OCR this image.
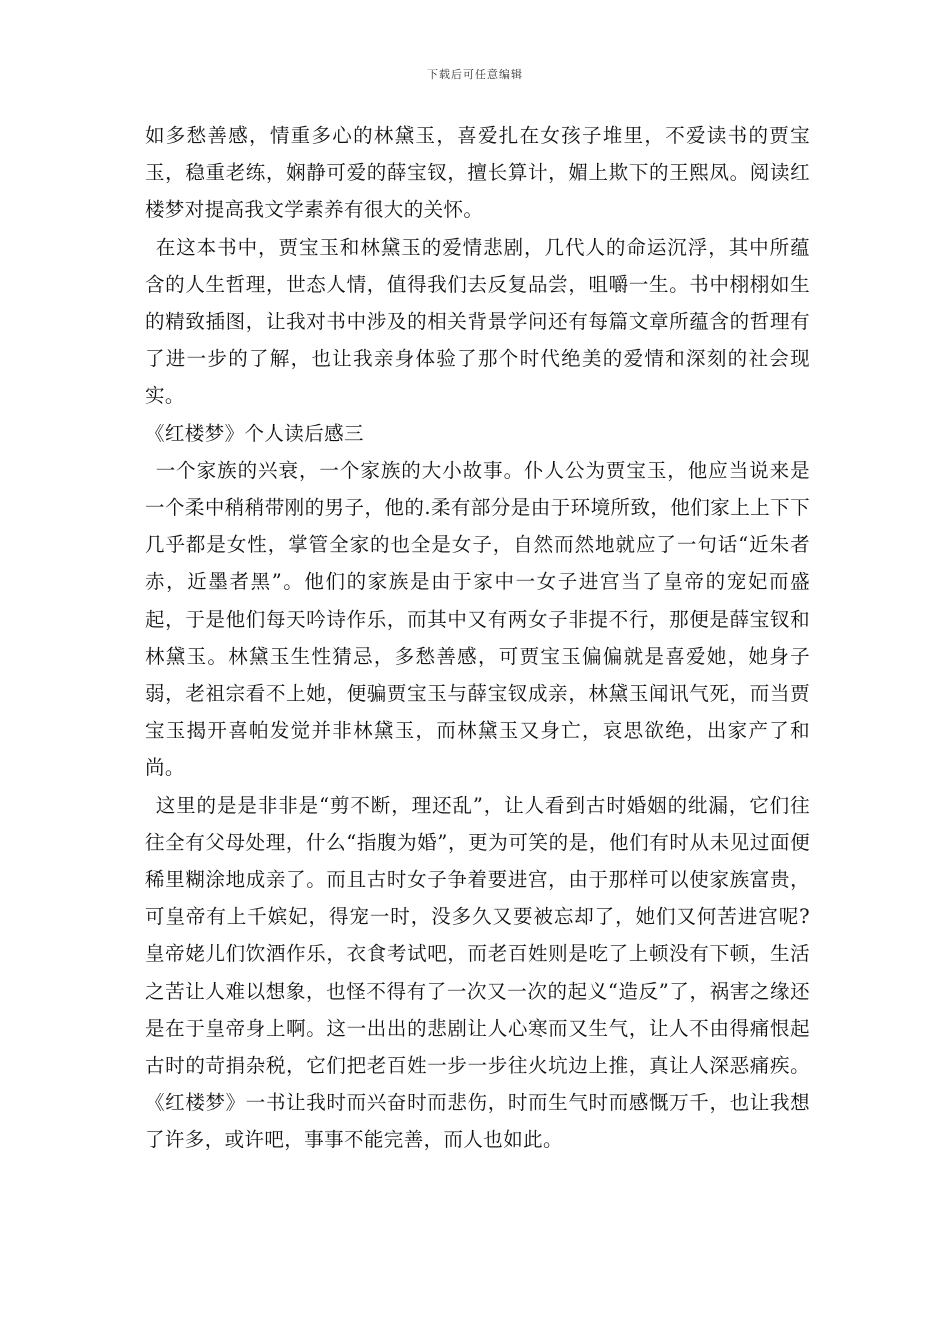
下载后可任意编辑

如多愁善感，情重多心的林黛玉，喜爱扎在女孩子堆里，不爱读书的贾宝玉，稳重老练，娴静可爱的薛宝钗，擅长算计，媚上欺下的王熙凤。阅读红楼梦对提高我文学素养有很大的关怀。

在这本书中，贾宝玉和林黛玉的爱情悲剧，几代人的命运沉浮，其中所蕴含的人生哲理，世态人情，值得我们去反复品尝，咀嚼一生。书中栩栩如生的精致插图，让我对书中涉及的相关背景学问还有每篇文章所蕴含的哲理有了进一步的了解，也让我亲身体验了那个时代绝美的爱情和深刻的社会现实。

《红楼梦》个人读后感三

一个家族的兴衰，一个家族的大小故事。仆人公为贾宝玉，他应当说来是一个柔中稍稍带刚的男子，他的.柔有部分是由于环境所致，他们家上上下下几乎都是女性，掌管全家的也全是女子，自然而然地就应了一句话“近朱者赤，近墨者黑”。他们的家族是由于家中一女子进宫当了皇帝的宠妃而盛起，于是他们每天吟诗作乐，而其中又有两女子非提不行，那便是薛宝钗和林黛玉。林黛玉生性猜忌，多愁善感，可贾宝玉偏偏就是喜爱她，她身子弱，老祖宗看不上她，便骗贾宝玉与薛宝钗成亲，林黛玉闻讯气死，而当贾宝玉揭开喜帕发觉并非林黛玉，而林黛玉又身亡，哀思欲绝，出家产了和尚。

这里的是是非非是“剪不断，理还乱”，让人看到古时婚姻的纰漏，它们往往全有父母处理，什么“指腹为婚”，更为可笑的是，他们有时从未见过面便稀里糊涂地成亲了。而且古时女子争着要进宫，由于那样可以使家族富贵，可皇帝有上千嫔妃，得宠一时，没多久又要被忘却了，她们又何苦进宫呢?皇帝姥儿们饮酒作乐，衣食考试吧，而老百姓则是吃了上顿没有下顿，生活之苦让人难以想象，也怪不得有了一次又一次的起义“造反”了，祸害之缘还是在于皇帝身上啊。这一出出的悲剧让人心寒而又生气，让人不由得痛恨起古时的苛捐杂税，它们把老百姓一步一步往火坑边上推，真让人深恶痛疾。《红楼梦》一书让我时而兴奋时而悲伤，时而生气时而感慨万千，也让我想了许多，或许吧，事事不能完善，而人也如此。
